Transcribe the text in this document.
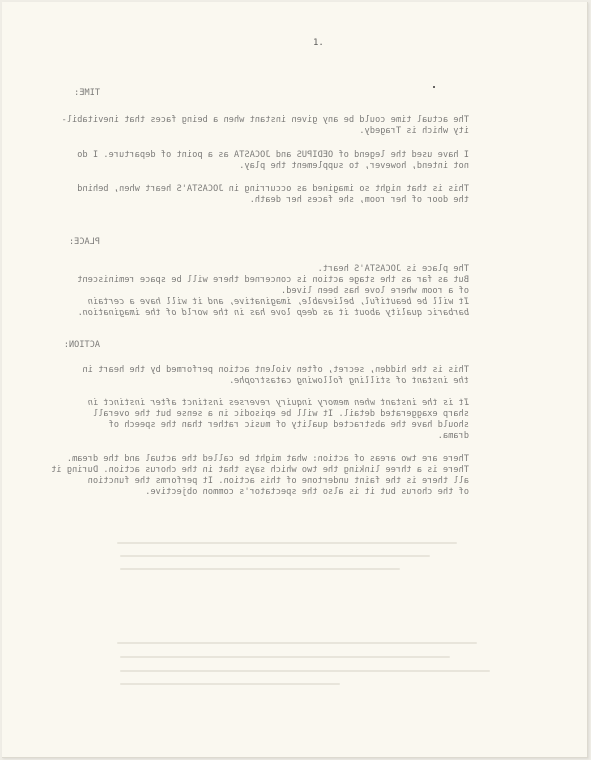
1.
TIME:
The actual time could be any given instant when a being faces that inevitabil-
ity which is Tragedy.
I have used the legend of OEDIPUS and JOCASTA as a point of departure. I do
not intend, however, to supplement the play.
This is that night so imagined as occurring in JOCASTA'S heart when, behind
the door of her room, she faces her death.
PLACE:
The place is JOCASTA'S heart.
But as far as the stage action is concerned there will be space reminiscent
of a room where love has been lived.
It will be beautiful, believable, imaginative, and it will have a certain
barbaric quality about it as deep love has in the world of the imagination.
ACTION:
This is the hidden, secret, often violent action performed by the heart in
the instant of stilling following catastrophe.
It is the instant when memory inquiry reverses instinct after instinct in
sharp exaggerated detail. It will be episodic in a sense but the overall
should have the abstracted quality of music rather than the speech of
drama.
There are two areas of action: what might be called the actual and the dream.
There is a three linking the two which says that in the chorus action. During it
all there is the faint undertone of this action. It performs the function
of the chorus but it is also the spectator's common objective.
